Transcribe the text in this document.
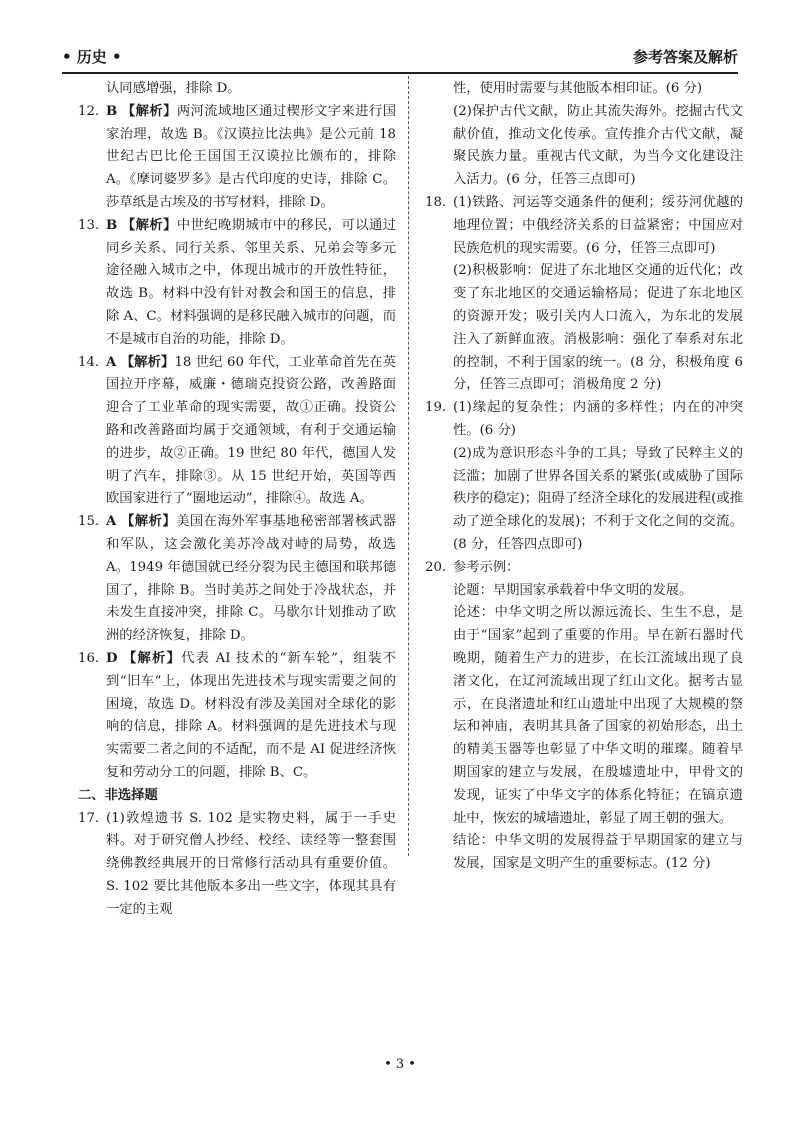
• 历史 •	参考答案及解析
认同感增强，排除 D。
12. B 【解析】两河流域地区通过楔形文字来进行国家治理，故选 B。《汉谟拉比法典》是公元前 18 世纪古巴比伦王国国王汉谟拉比颁布的，排除 A。《摩诃婆罗多》是古代印度的史诗，排除 C。莎草纸是古埃及的书写材料，排除 D。
13. B 【解析】中世纪晚期城市中的移民，可以通过同乡关系、同行关系、邻里关系、兄弟会等多元途径融入城市之中，体现出城市的开放性特征，故选 B。材料中没有针对教会和国王的信息，排除 A、C。材料强调的是移民融入城市的问题，而不是城市自治的功能，排除 D。
14. A 【解析】18 世纪 60 年代，工业革命首先在英国拉开序幕，威廉・德瑞克投资公路，改善路面迎合了工业革命的现实需要，故①正确。投资公路和改善路面均属于交通领域，有利于交通运输的进步，故②正确。19 世纪 80 年代，德国人发明了汽车，排除③。从 15 世纪开始，英国等西欧国家进行了“圈地运动”，排除④。故选 A。
15. A 【解析】美国在海外军事基地秘密部署核武器和军队，这会激化美苏冷战对峙的局势，故选 A。1949 年德国就已经分裂为民主德国和联邦德国了，排除 B。当时美苏之间处于冷战状态，并未发生直接冲突，排除 C。马歇尔计划推动了欧洲的经济恢复，排除 D。
16. D 【解析】代表 AI 技术的“新车轮”，组装不到“旧车”上，体现出先进技术与现实需要之间的困境，故选 D。材料没有涉及美国对全球化的影响的信息，排除 A。材料强调的是先进技术与现实需要二者之间的不适配，而不是 AI 促进经济恢复和劳动分工的问题，排除 B、C。
二、非选择题
17. (1)敦煌遗书 S. 102 是实物史料，属于一手史料。对于研究僧人抄经、校经、读经等一整套围绕佛教经典展开的日常修行活动具有重要价值。S. 102 要比其他版本多出一些文字，体现其具有一定的主观
性，使用时需要与其他版本相印证。(6 分)
(2)保护古代文献，防止其流失海外。挖掘古代文献价值，推动文化传承。宣传推介古代文献，凝聚民族力量。重视古代文献，为当今文化建设注入活力。(6 分，任答三点即可)
18. (1)铁路、河运等交通条件的便利；绥芬河优越的地理位置；中俄经济关系的日益紧密；中国应对民族危机的现实需要。(6 分，任答三点即可)
(2)积极影响：促进了东北地区交通的近代化；改变了东北地区的交通运输格局；促进了东北地区的资源开发；吸引关内人口流入，为东北的发展注入了新鲜血液。消极影响：强化了奉系对东北的控制，不利于国家的统一。(8 分，积极角度 6 分，任答三点即可；消极角度 2 分)
19. (1)缘起的复杂性；内涵的多样性；内在的冲突性。(6 分)
(2)成为意识形态斗争的工具；导致了民粹主义的泛滥；加剧了世界各国关系的紧张(或威胁了国际秩序的稳定)；阻碍了经济全球化的发展进程(或推动了逆全球化的发展)；不利于文化之间的交流。(8 分，任答四点即可)
20. 参考示例：
论题：早期国家承载着中华文明的发展。
论述：中华文明之所以源远流长、生生不息，是由于“国家”起到了重要的作用。早在新石器时代晚期，随着生产力的进步，在长江流域出现了良渚文化，在辽河流域出现了红山文化。据考古显示，在良渚遗址和红山遗址中出现了大规模的祭坛和神庙，表明其具备了国家的初始形态，出土的精美玉器等也彰显了中华文明的璀璨。随着早期国家的建立与发展，在殷墟遗址中，甲骨文的发现，证实了中华文字的体系化特征；在镐京遗址中，恢宏的城墙遗址，彰显了周王朝的强大。
结论：中华文明的发展得益于早期国家的建立与发展，国家是文明产生的重要标志。(12 分)
• 3 •
